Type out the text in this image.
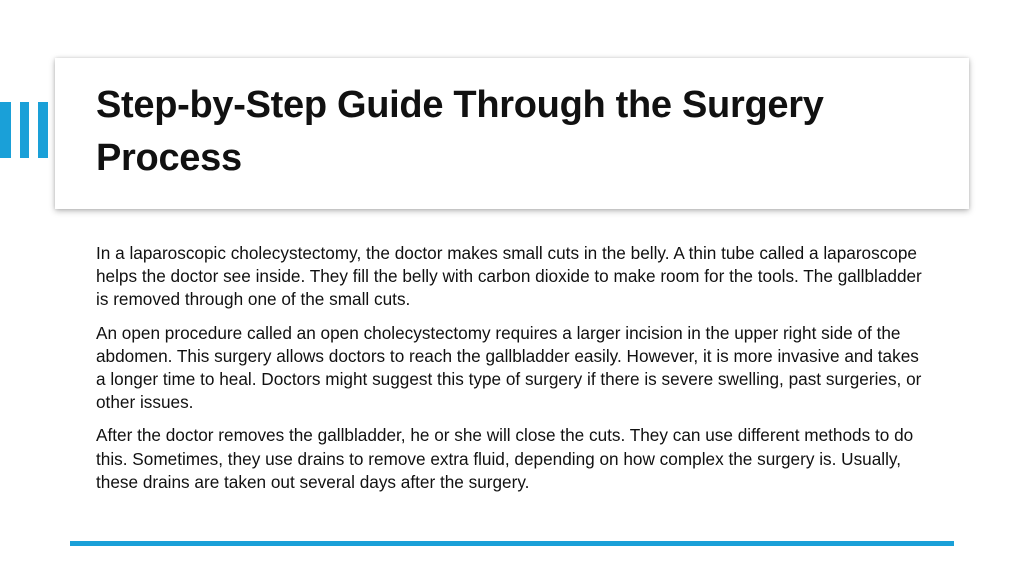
Step-by-Step Guide Through the Surgery Process

In a laparoscopic cholecystectomy, the doctor makes small cuts in the belly. A thin tube called a laparoscope helps the doctor see inside. They fill the belly with carbon dioxide to make room for the tools. The gallbladder is removed through one of the small cuts.

An open procedure called an open cholecystectomy requires a larger incision in the upper right side of the abdomen. This surgery allows doctors to reach the gallbladder easily. However, it is more invasive and takes a longer time to heal. Doctors might suggest this type of surgery if there is severe swelling, past surgeries, or other issues.

After the doctor removes the gallbladder, he or she will close the cuts. They can use different methods to do this. Sometimes, they use drains to remove extra fluid, depending on how complex the surgery is. Usually, these drains are taken out several days after the surgery.
